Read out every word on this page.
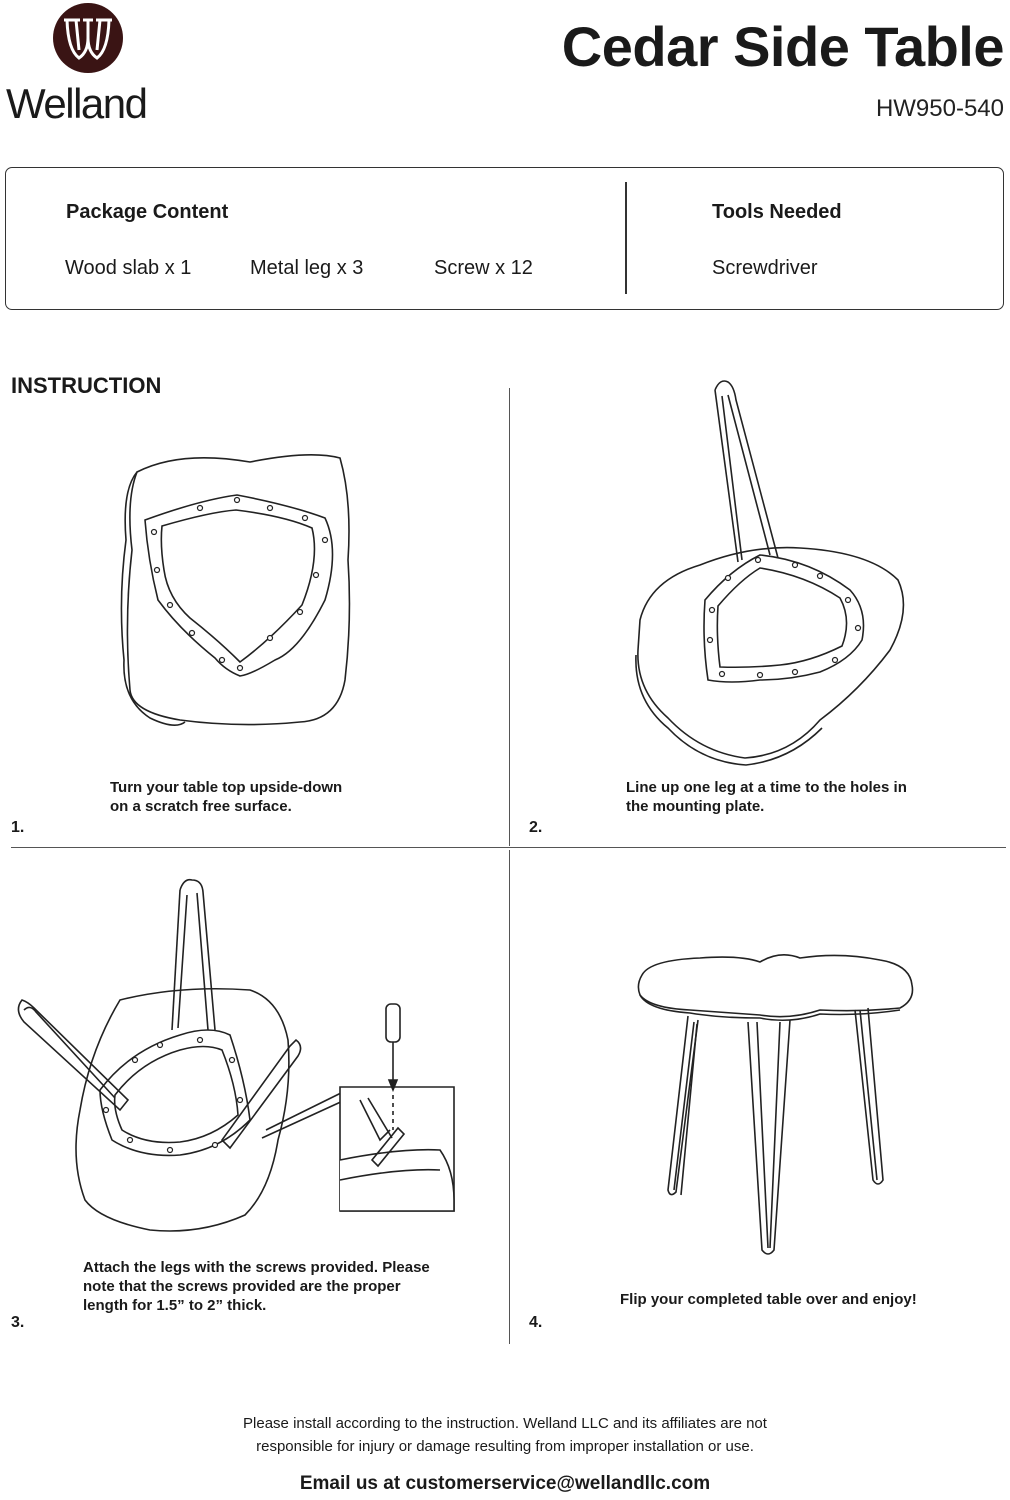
Welland
Cedar Side Table
HW950-540
Package Content
Wood slab x 1	Metal leg x 3	Screw x 12
Tools Needed
Screwdriver
INSTRUCTION
Turn your table top upside-down
on a scratch free surface.
1.
Line up one leg at a time to the holes in
the mounting plate.
2.
Attach the legs with the screws provided. Please
note that the screws provided are the proper
length for 1.5” to 2” thick.
3.
Flip your completed table over and enjoy!
4.
Please install according to the instruction. Welland LLC and its affiliates are not
responsible for injury or damage resulting from improper installation or use.
Email us at customerservice@wellandllc.com
